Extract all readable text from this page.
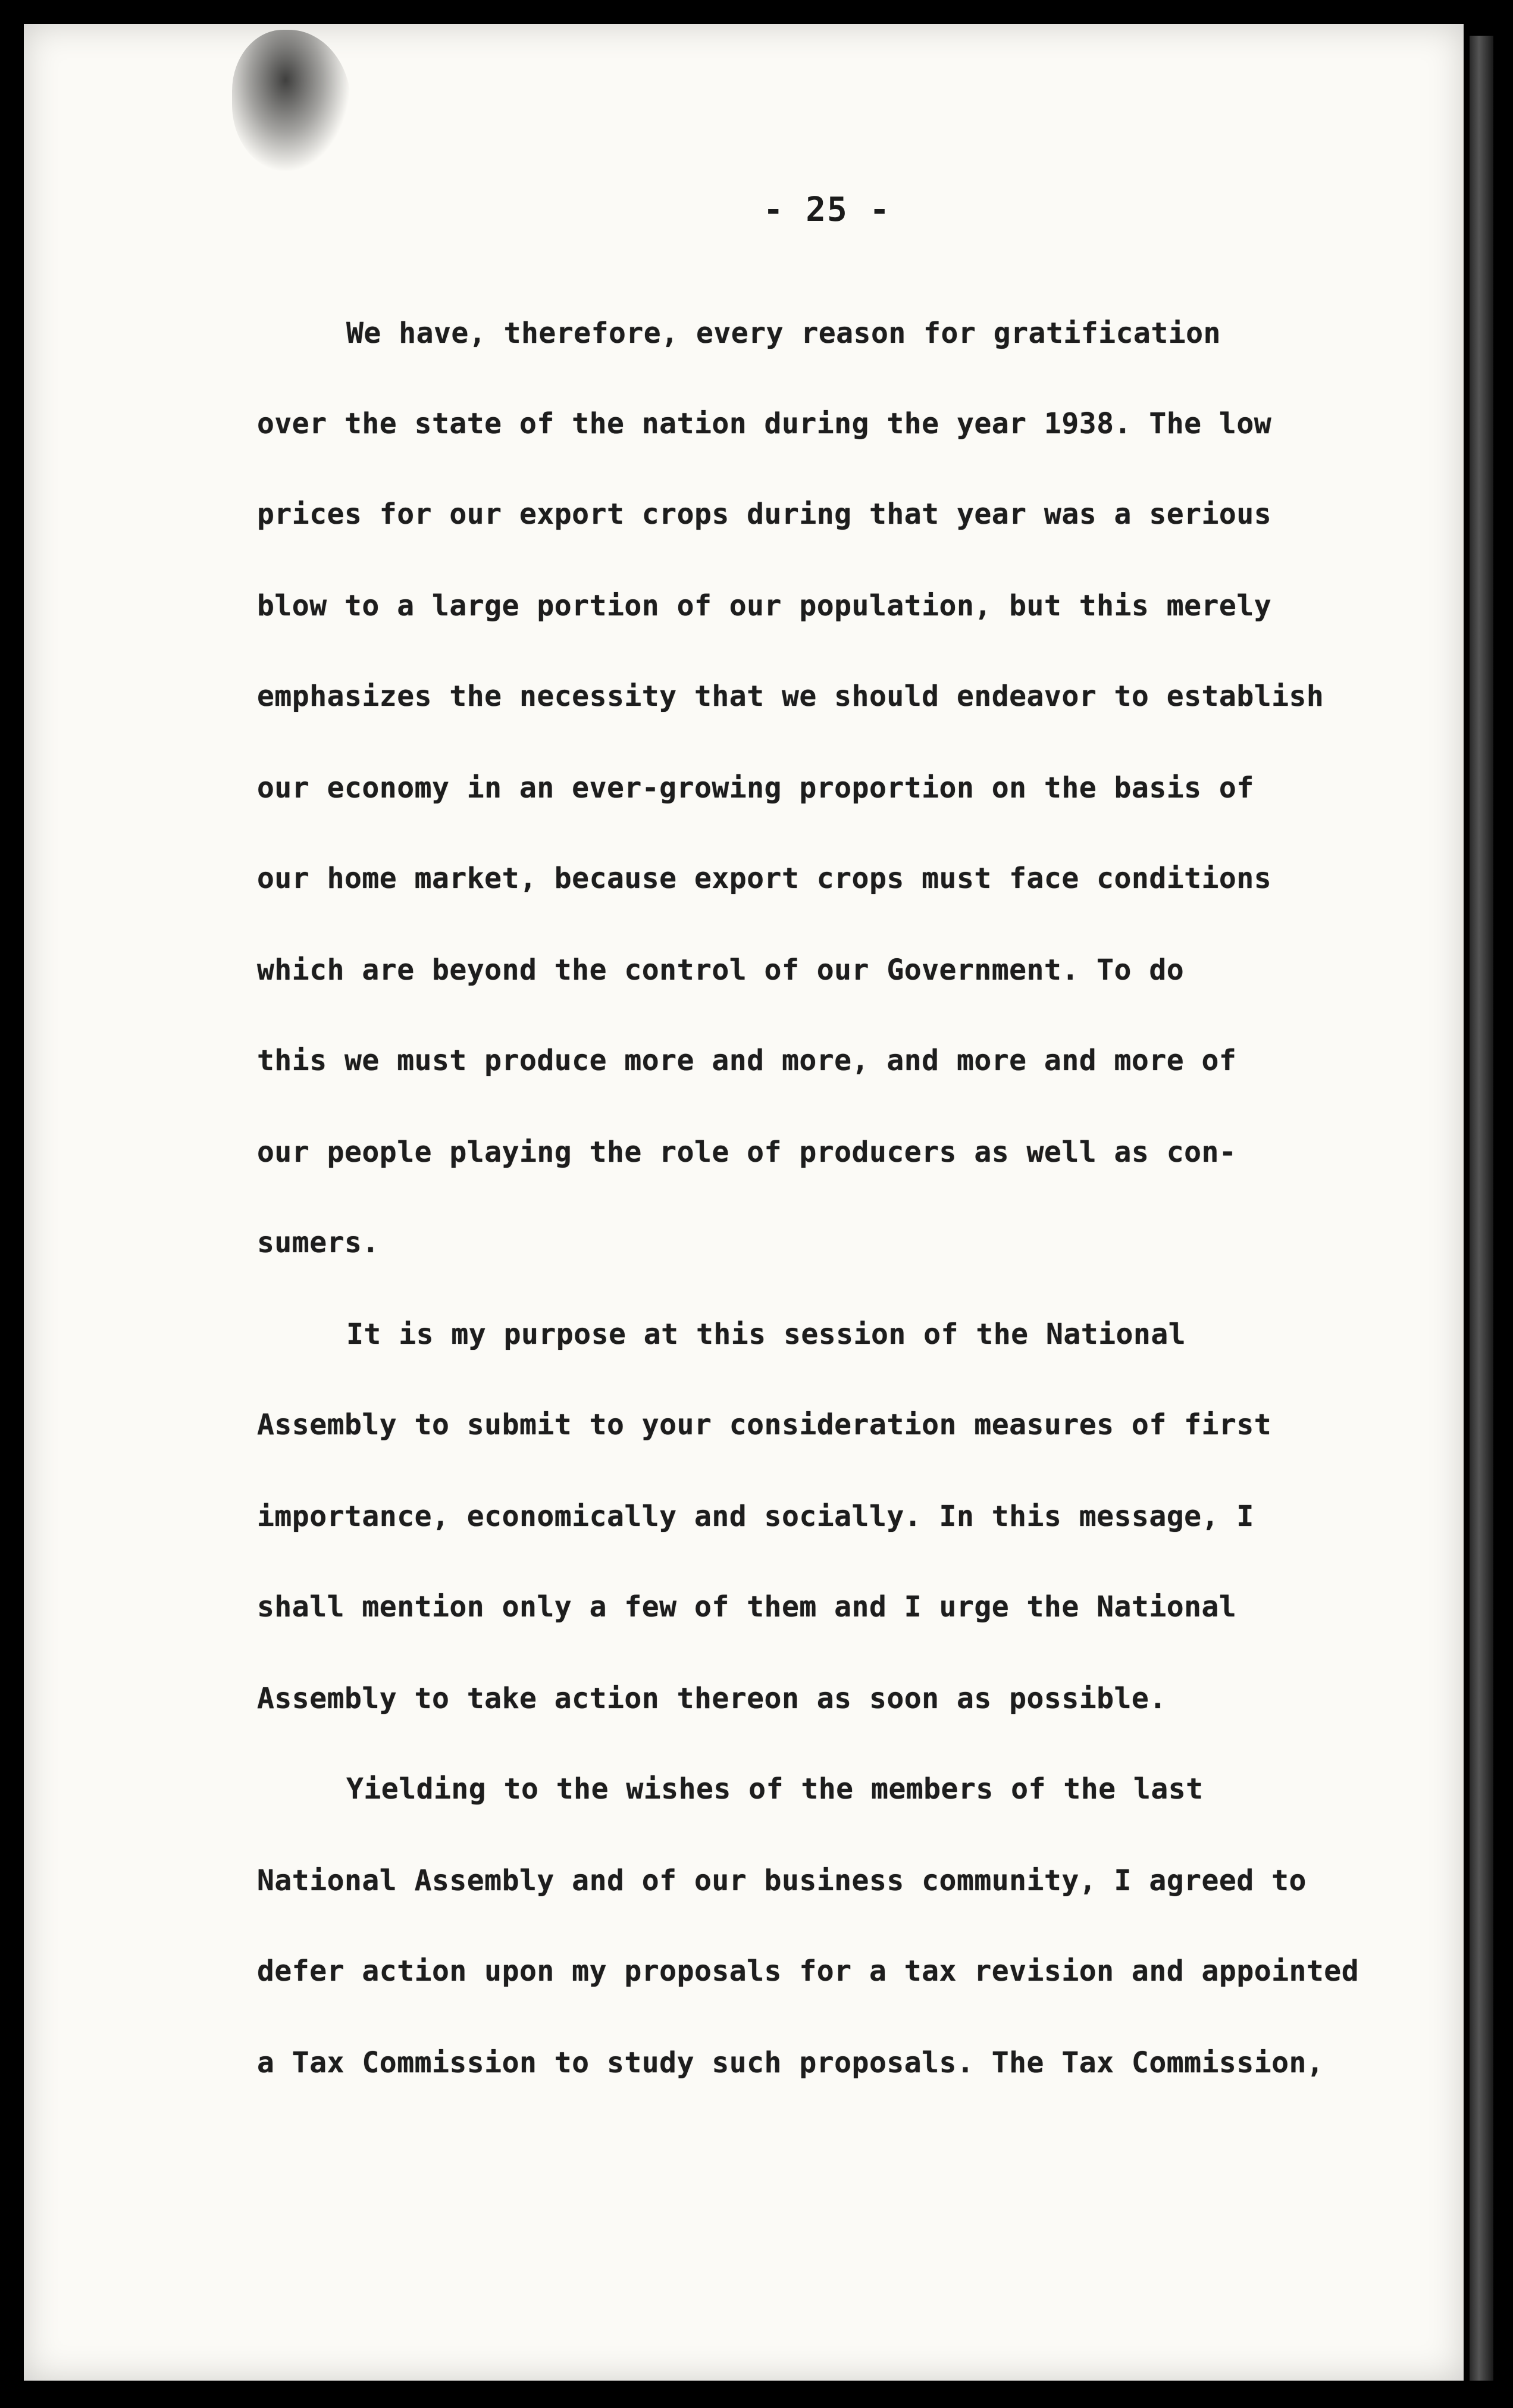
- 25 -
We have, therefore, every reason for gratification
over the state of the nation during the year 1938. The low
prices for our export crops during that year was a serious
blow to a large portion of our population, but this merely
emphasizes the necessity that we should endeavor to establish
our economy in an ever-growing proportion on the basis of
our home market, because export crops must face conditions
which are beyond the control of our Government. To do
this we must produce more and more, and more and more of
our people playing the role of producers as well as con-
sumers.
It is my purpose at this session of the National
Assembly to submit to your consideration measures of first
importance, economically and socially. In this message, I
shall mention only a few of them and I urge the National
Assembly to take action thereon as soon as possible.
Yielding to the wishes of the members of the last
National Assembly and of our business community, I agreed to
defer action upon my proposals for a tax revision and appointed
a Tax Commission to study such proposals. The Tax Commission,
